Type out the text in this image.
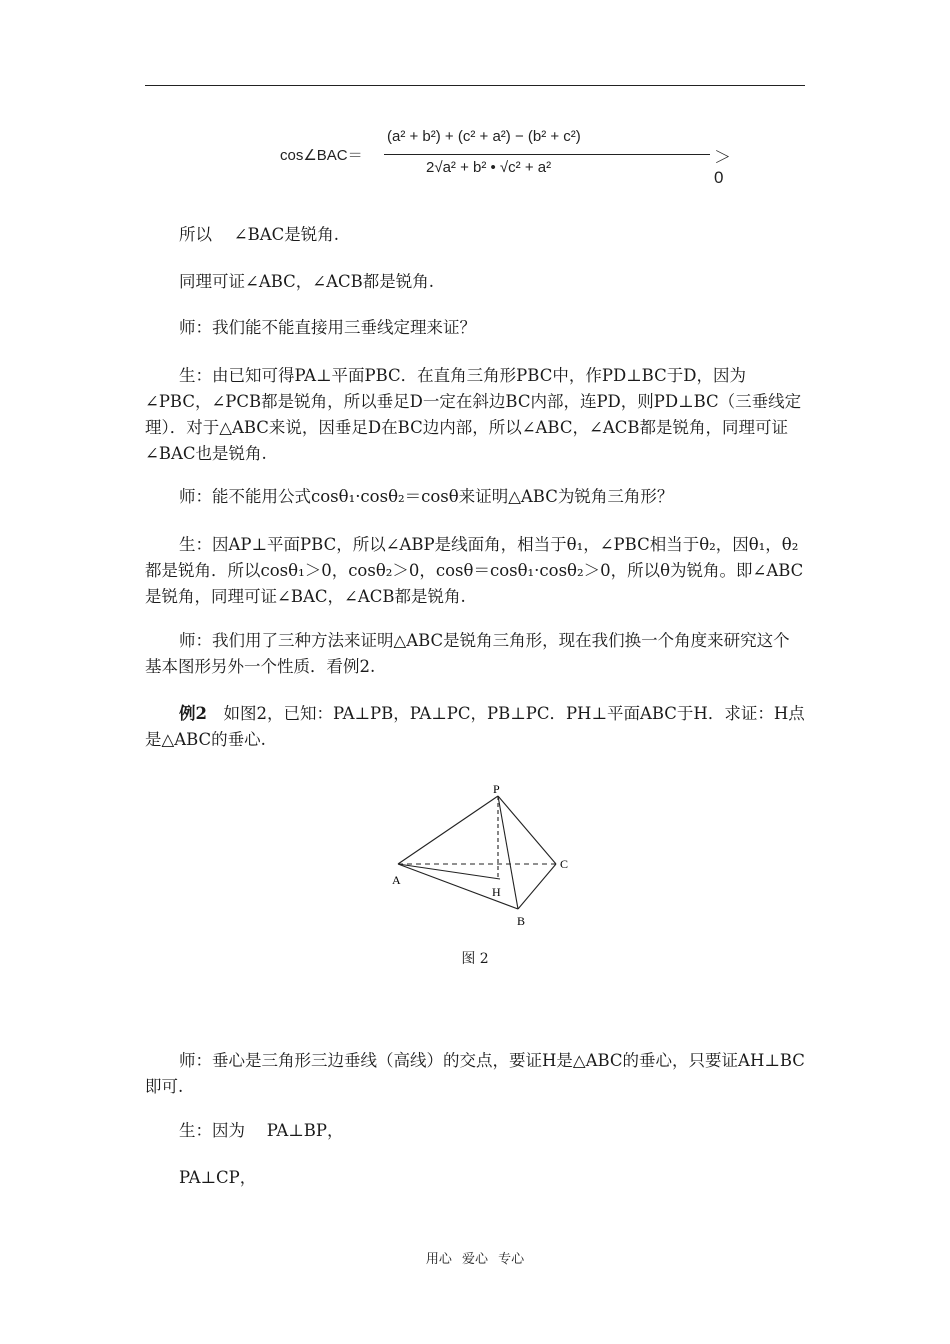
cos∠BAC＝
(a² + b²) + (c² + a²) − (b² + c²)
2√a² + b² • √c² + a²
＞0

所以　 ∠BAC是锐角.

同理可证∠ABC，∠ACB都是锐角.

师：我们能不能直接用三垂线定理来证？

生：由已知可得PA⊥平面PBC．在直角三角形PBC中，作PD⊥BC于D，因为∠PBC，∠PCB都是锐角，所以垂足D一定在斜边BC内部，连PD，则PD⊥BC（三垂线定理）．对于△ABC来说，因垂足D在BC边内部，所以∠ABC，∠ACB都是锐角，同理可证∠BAC也是锐角.

师：能不能用公式cosθ₁·cosθ₂＝cosθ来证明△ABC为锐角三角形？

生：因AP⊥平面PBC，所以∠ABP是线面角，相当于θ₁，∠PBC相当于θ₂，因θ₁，θ₂都是锐角．所以cosθ₁＞0，cosθ₂＞0，cosθ＝cosθ₁·cosθ₂＞0，所以θ为锐角。即∠ABC是锐角，同理可证∠BAC，∠ACB都是锐角.

师：我们用了三种方法来证明△ABC是锐角三角形，现在我们换一个角度来研究这个基本图形另外一个性质．看例2.

例2　如图2，已知：PA⊥PB，PA⊥PC，PB⊥PC．PH⊥平面ABC于H．求证：H点是△ABC的垂心.

P
A
B
C
H
图 2

师：垂心是三角形三边垂线（高线）的交点，要证H是△ABC的垂心，只要证AH⊥BC即可.

生：因为　 PA⊥BP，

PA⊥CP，

用心 爱心 专心
